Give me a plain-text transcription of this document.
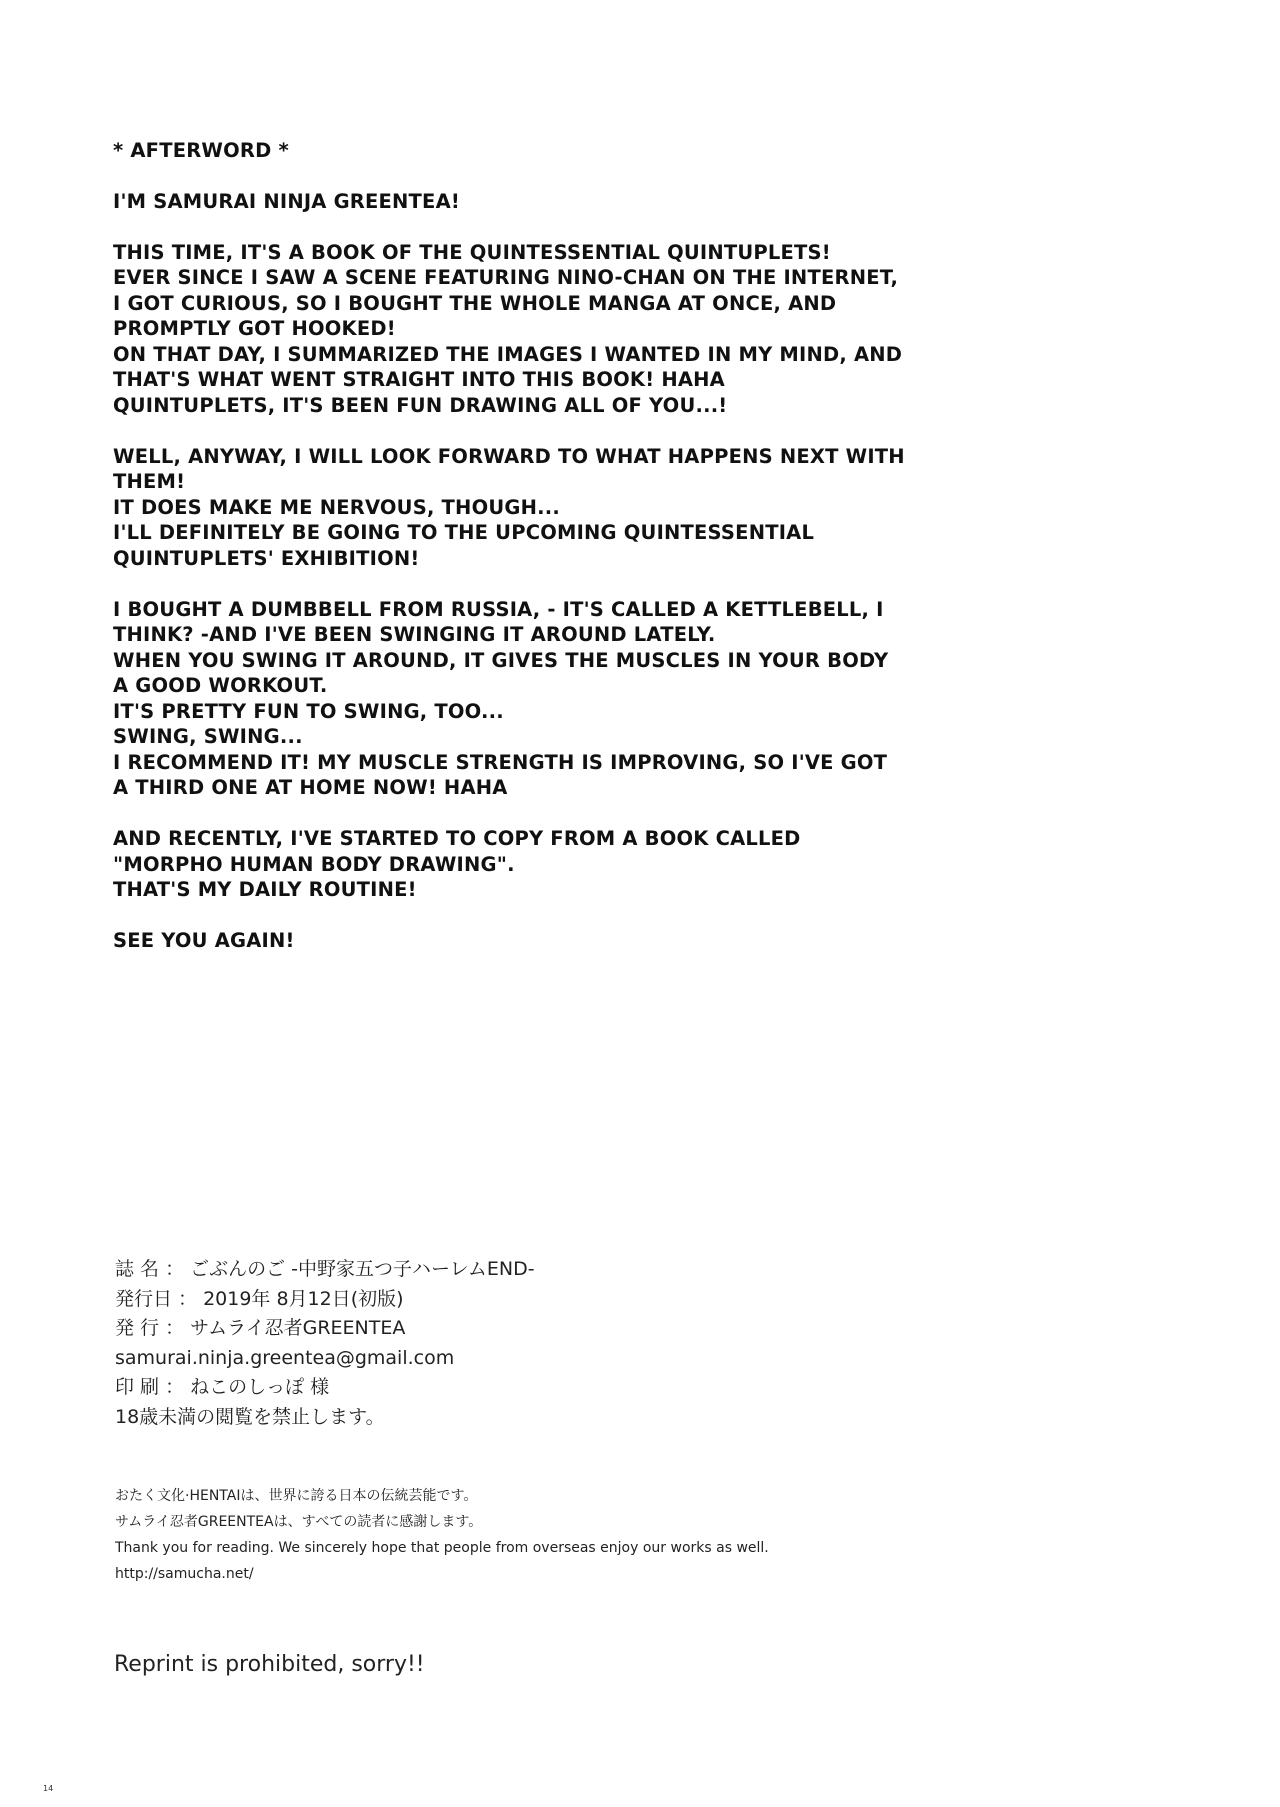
* AFTERWORD *
I'M SAMURAI NINJA GREENTEA!
THIS TIME, IT'S A BOOK OF THE QUINTESSENTIAL QUINTUPLETS!
EVER SINCE I SAW A SCENE FEATURING NINO-CHAN ON THE INTERNET,
I GOT CURIOUS, SO I BOUGHT THE WHOLE MANGA AT ONCE, AND
PROMPTLY GOT HOOKED!
ON THAT DAY, I SUMMARIZED THE IMAGES I WANTED IN MY MIND, AND
THAT'S WHAT WENT STRAIGHT INTO THIS BOOK! HAHA
QUINTUPLETS, IT'S BEEN FUN DRAWING ALL OF YOU...!
WELL, ANYWAY, I WILL LOOK FORWARD TO WHAT HAPPENS NEXT WITH
THEM!
IT DOES MAKE ME NERVOUS, THOUGH...
I'LL DEFINITELY BE GOING TO THE UPCOMING QUINTESSENTIAL
QUINTUPLETS' EXHIBITION!
I BOUGHT A DUMBBELL FROM RUSSIA, - IT'S CALLED A KETTLEBELL, I
THINK? -AND I'VE BEEN SWINGING IT AROUND LATELY.
WHEN YOU SWING IT AROUND, IT GIVES THE MUSCLES IN YOUR BODY
A GOOD WORKOUT.
IT'S PRETTY FUN TO SWING, TOO...
SWING, SWING...
I RECOMMEND IT! MY MUSCLE STRENGTH IS IMPROVING, SO I'VE GOT
A THIRD ONE AT HOME NOW! HAHA
AND RECENTLY, I'VE STARTED TO COPY FROM A BOOK CALLED
"MORPHO HUMAN BODY DRAWING".
THAT'S MY DAILY ROUTINE!
SEE YOU AGAIN!
誌 名 ： ごぶんのご -中野家五つ子ハーレムEND-
発行日 ： 2019年 8月12日(初版)
発 行 ： サムライ忍者GREENTEA
samurai.ninja.greentea@gmail.com
印 刷 ： ねこのしっぽ 様
18歳未満の閲覧を禁止します。
おたく文化·HENTAIは、世界に誇る日本の伝統芸能です。
サムライ忍者GREENTEAは、すべての読者に感謝します。
Thank you for reading. We sincerely hope that people from overseas enjoy our works as well.
http://samucha.net/
Reprint is prohibited, sorry!!
14
